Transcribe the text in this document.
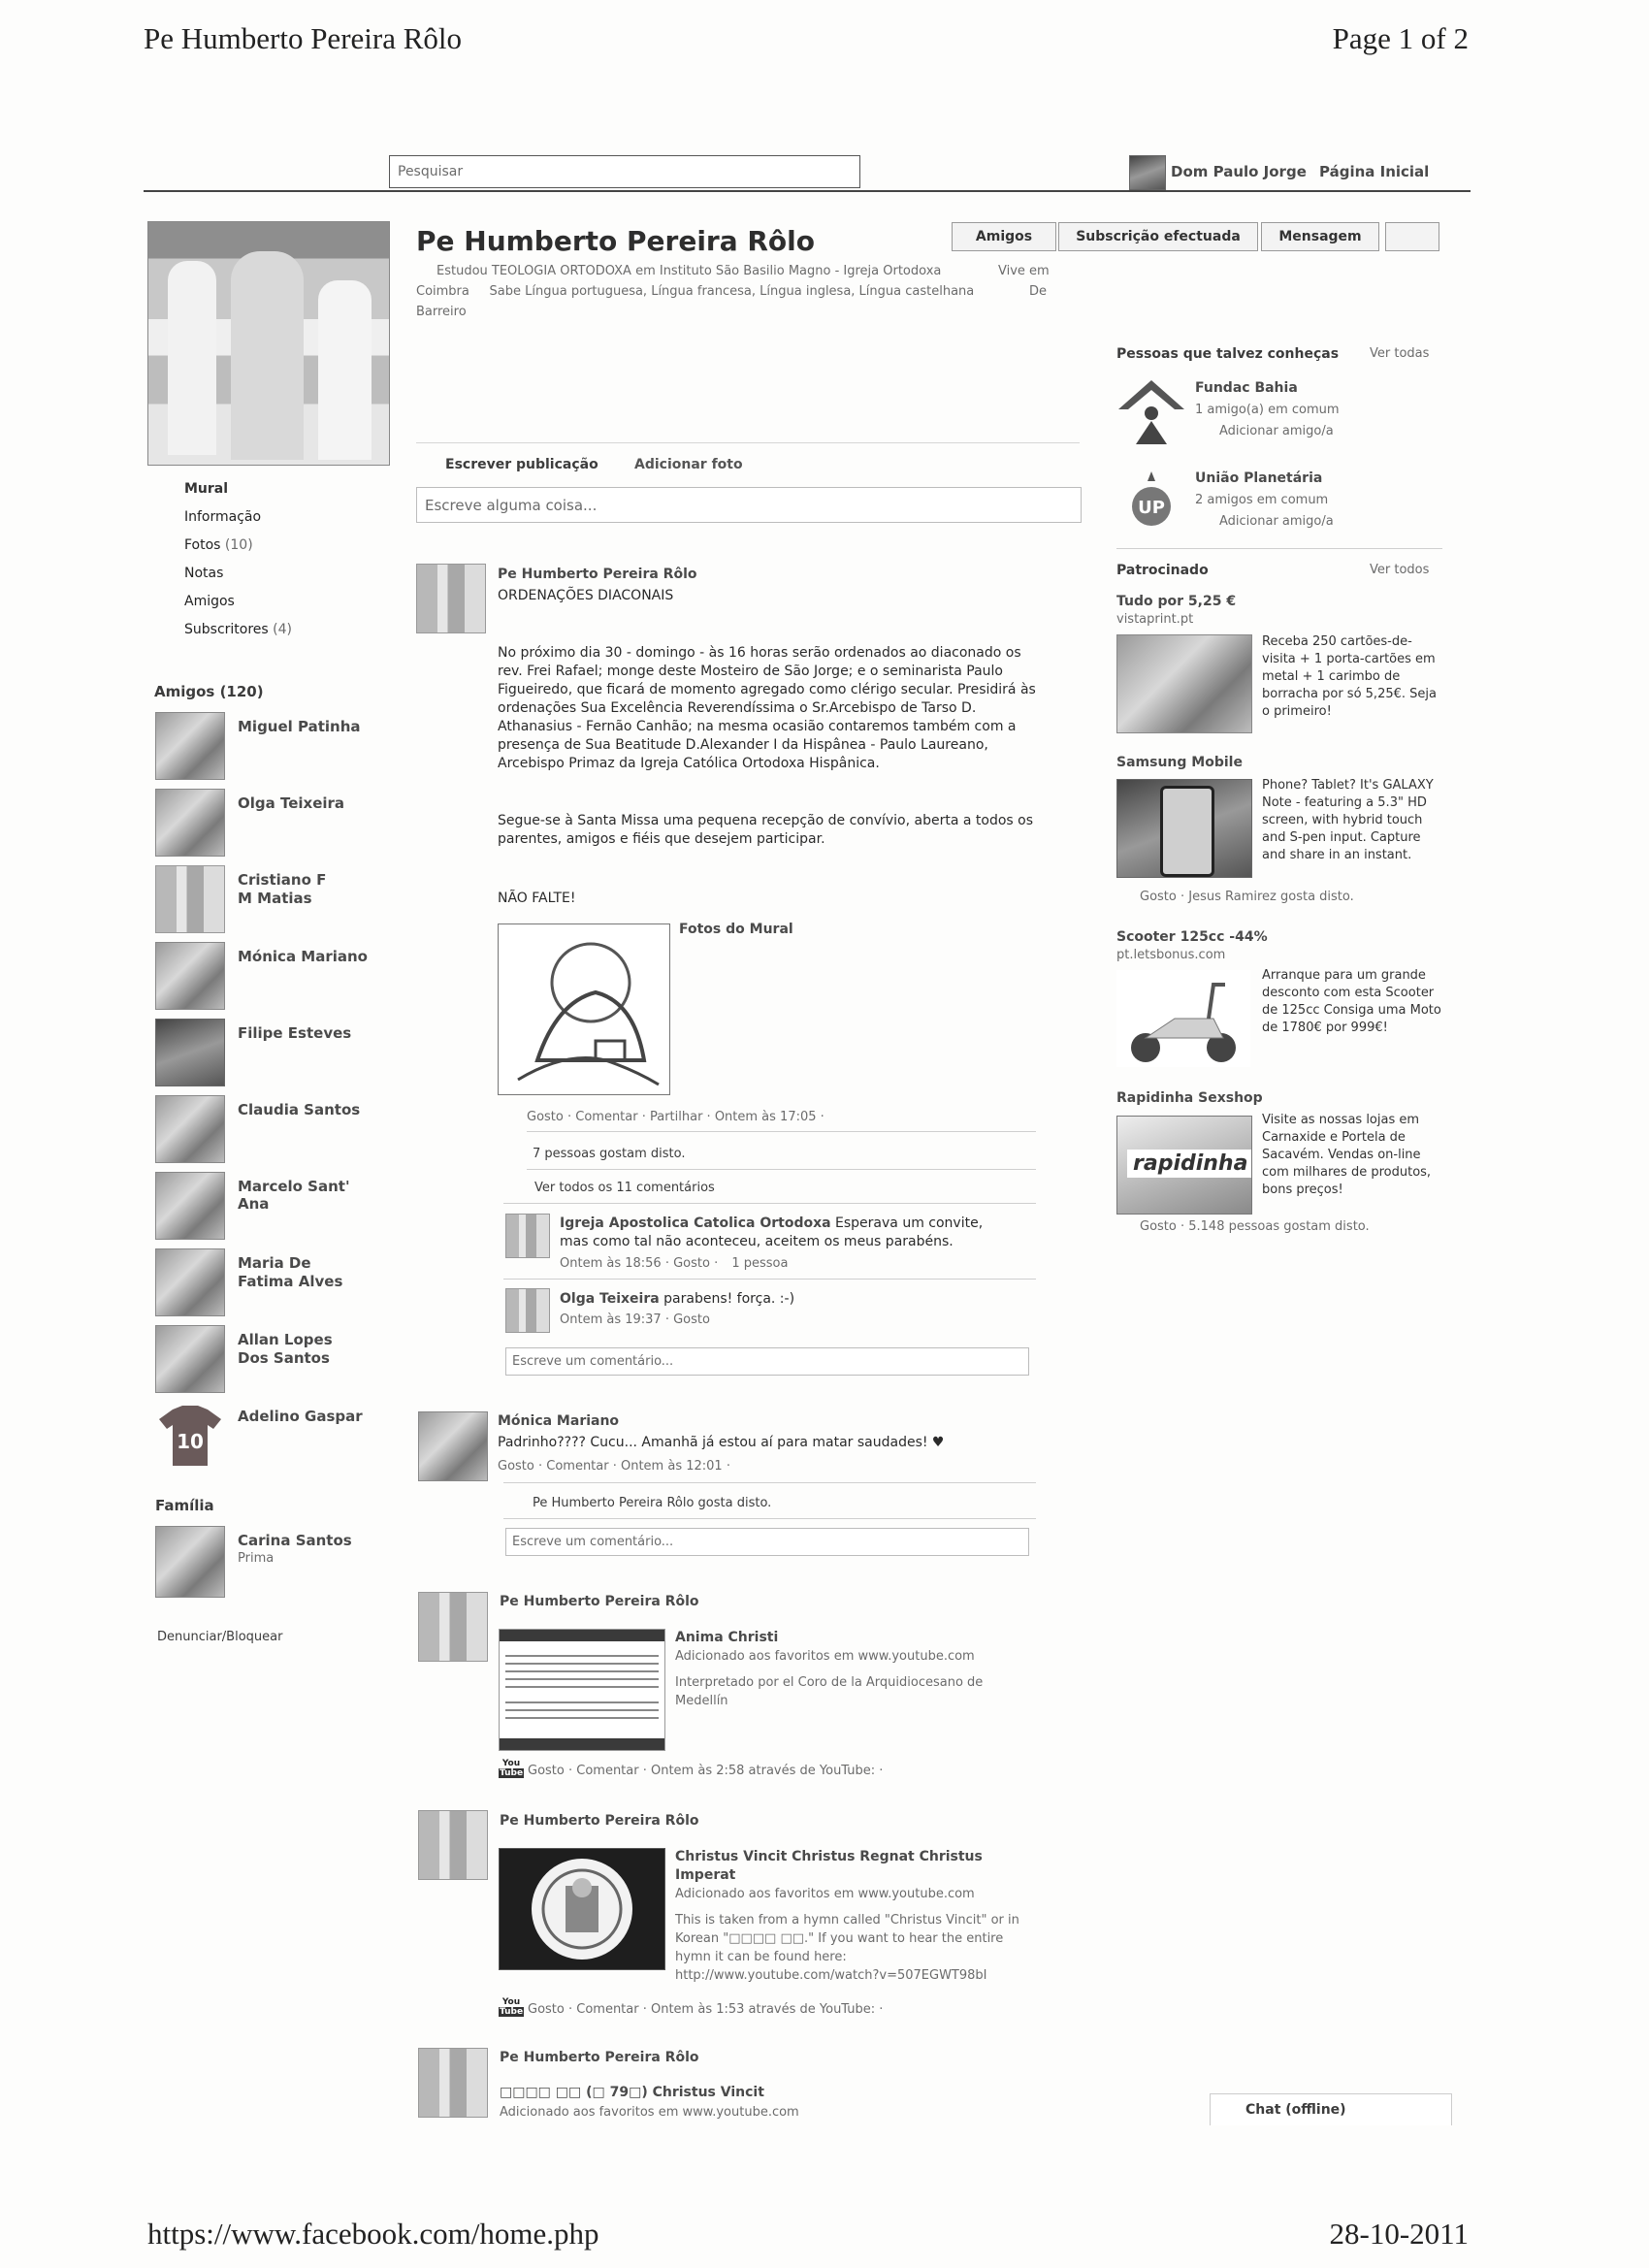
Pe Humberto Pereira Rôlo	Page 1 of 2
https://www.facebook.com/home.php	28-10-2011
Pesquisar	Dom Paulo Jorge Página Inicial
Pe Humberto Pereira Rôlo	Amigos	Subscrição efectuada	Mensagem
Estudou TEOLOGIA ORTODOXA em Instituto São Basilio Magno - Igreja Ortodoxa	Vive em
Coimbra     Sabe Língua portuguesa, Língua francesa, Língua inglesa, Língua castelhana	De
Barreiro
Mural
Informação
Fotos (10)
Notas
Amigos
Subscritores (4)
Amigos (120)
Miguel Patinha
Olga Teixeira
Cristiano F M Matias
Mónica Mariano
Filipe Esteves
Claudia Santos
Marcelo Sant' Ana
Maria De Fatima Alves
Allan Lopes Dos Santos
10
Adelino Gaspar
Família
Carina Santos
Prima
Denunciar/Bloquear
Escrever publicação	Adicionar foto
Escreve alguma coisa...
Pe Humberto Pereira Rôlo
ORDENAÇÕES DIACONAIS
No próximo dia 30 - domingo - às 16 horas serão ordenados ao diaconado os rev. Frei Rafael; monge deste Mosteiro de São Jorge; e o seminarista Paulo Figueiredo, que ficará de momento agregado como clérigo secular. Presidirá às ordenações Sua Excelência Reverendíssima o Sr.Arcebispo de Tarso D. Athanasius - Fernão Canhão; na mesma ocasião contaremos também com a presença de Sua Beatitude D.Alexander I da Hispânea - Paulo Laureano, Arcebispo Primaz da Igreja Católica Ortodoxa Hispânica.
Segue-se à Santa Missa uma pequena recepção de convívio, aberta a todos os parentes, amigos e fiéis que desejem participar.
NÃO FALTE!
Fotos do Mural
Gosto · Comentar · Partilhar · Ontem às 17:05 ·
7 pessoas gostam disto.
Ver todos os 11 comentários
Igreja Apostolica Catolica Ortodoxa Esperava um convite, mas como tal não aconteceu, aceitem os meus parabéns.
Ontem às 18:56 · Gosto · 1 pessoa
Olga Teixeira parabens! força. :-)
Ontem às 19:37 · Gosto
Escreve um comentário...
Mónica Mariano
Padrinho???? Cucu... Amanhã já estou aí para matar saudades! ♥
Gosto · Comentar · Ontem às 12:01 ·
Pe Humberto Pereira Rôlo gosta disto.
Escreve um comentário...
Pe Humberto Pereira Rôlo
Anima Christi
Adicionado aos favoritos em www.youtube.com
Interpretado por el Coro de la Arquidiocesano de Medellín
You
Tube Gosto · Comentar · Ontem às 2:58 através de YouTube: ·
Pe Humberto Pereira Rôlo
Christus Vincit Christus Regnat Christus Imperat
Adicionado aos favoritos em www.youtube.com
This is taken from a hymn called "Christus Vincit" or in Korean "□□□□ □□." If you want to hear the entire hymn it can be found here: http://www.youtube.com/watch?v=507EGWT98bI
You
Tube Gosto · Comentar · Ontem às 1:53 através de YouTube: ·
Pe Humberto Pereira Rôlo
□□□□ □□ (□ 79□) Christus Vincit
Adicionado aos favoritos em www.youtube.com
Pessoas que talvez conheças Ver todas
Fundac Bahia
1 amigo(a) em comum
Adicionar amigo/a
UP
União Planetária
2 amigos em comum
Adicionar amigo/a
Patrocinado	Ver todos
Tudo por 5,25 €
vistaprint.pt
Receba 250 cartões-de-visita + 1 porta-cartões em metal + 1 carimbo de borracha por só 5,25€. Seja o primeiro!
Samsung Mobile
Phone? Tablet? It's GALAXY Note - featuring a 5.3" HD screen, with hybrid touch and S-pen input. Capture and share in an instant.
Gosto · Jesus Ramirez gosta disto.
Scooter 125cc -44%
pt.letsbonus.com
Arranque para um grande desconto com esta Scooter de 125cc Consiga uma Moto de 1780€ por 999€!
Rapidinha Sexshop
rapidinha
Visite as nossas lojas em Carnaxide e Portela de Sacavém. Vendas on-line com milhares de produtos, bons preços!
Gosto · 5.148 pessoas gostam disto.
Chat (offline)
